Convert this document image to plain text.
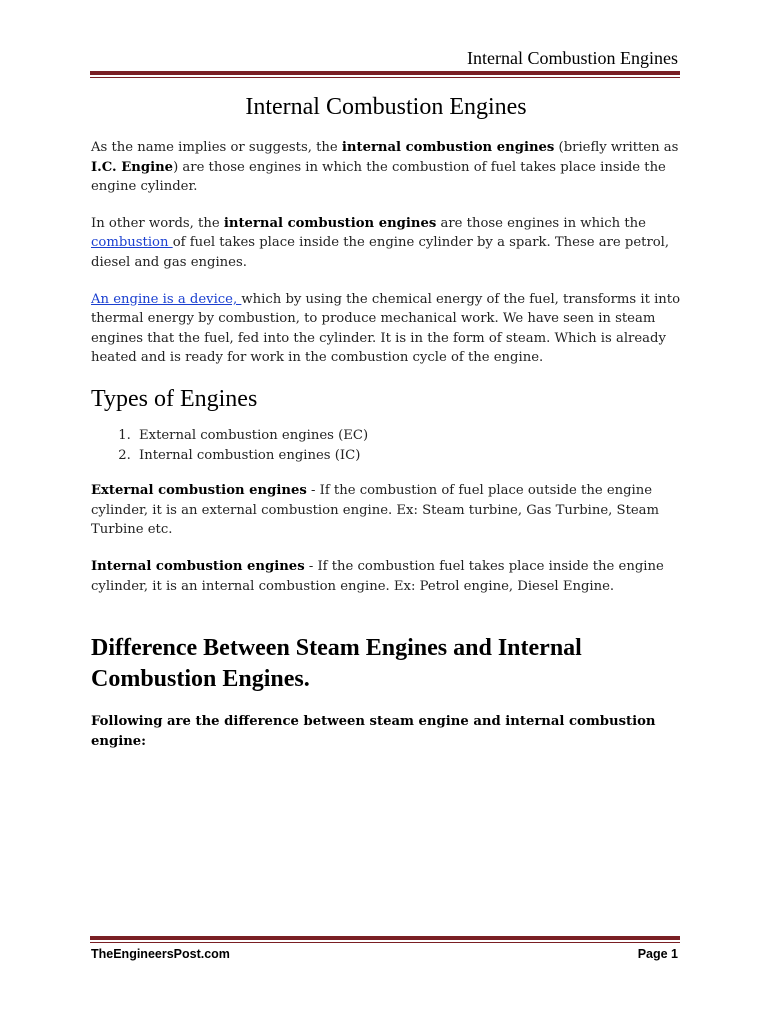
Internal Combustion Engines
Internal Combustion Engines

As the name implies or suggests, the internal combustion engines (briefly written as I.C. Engine) are those engines in which the combustion of fuel takes place inside the engine cylinder.

In other words, the internal combustion engines are those engines in which the combustion of fuel takes place inside the engine cylinder by a spark. These are petrol, diesel and gas engines.

An engine is a device, which by using the chemical energy of the fuel, transforms it into thermal energy by combustion, to produce mechanical work. We have seen in steam engines that the fuel, fed into the cylinder. It is in the form of steam. Which is already heated and is ready for work in the combustion cycle of the engine.

Types of Engines
1. External combustion engines (EC)
2. Internal combustion engines (IC)

External combustion engines - If the combustion of fuel place outside the engine cylinder, it is an external combustion engine. Ex: Steam turbine, Gas Turbine, Steam Turbine etc.

Internal combustion engines - If the combustion fuel takes place inside the engine cylinder, it is an internal combustion engine. Ex: Petrol engine, Diesel Engine.

Difference Between Steam Engines and Internal Combustion Engines.

Following are the difference between steam engine and internal combustion engine:

TheEngineersPost.com	Page 1
